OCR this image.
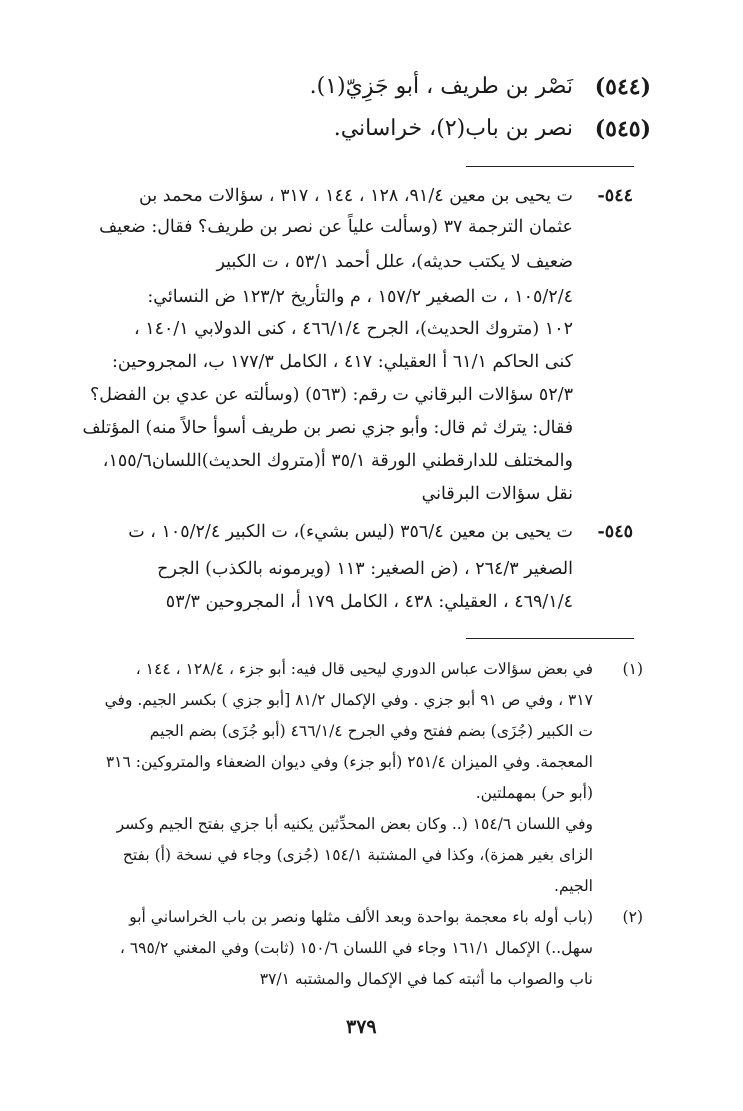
(٥٤٤)
نَصْر بن طريف ، أبو جَزِيّ(١).
(٥٤٥)
نصر بن باب(٢)، خراساني.
٥٤٤-
ت يحيى بن معين ٩١/٤، ١٢٨ ، ١٤٤ ، ٣١٧ ، سؤالات محمد بن
عثمان الترجمة ٣٧ (وسألت علياً عن نصر بن طريف؟ فقال: ضعيف
ضعيف لا يكتب حديثه)، علل أحمد ٥٣/١ ، ت الكبير
١٠٥/٢/٤ ، ت الصغير ١٥٧/٢ ، م والتأريخ ١٢٣/٢ ض النسائي:
١٠٢ (متروك الحديث)، الجرح ٤٦٦/١/٤ ، كنى الدولابي ١٤٠/١ ،
كنى الحاكم ٦١/١ أ العقيلي: ٤١٧ ، الكامل ١٧٧/٣ ب، المجروحين:
٥٢/٣ سؤالات البرقاني ت رقم: (٥٦٣) (وسألته عن عدي بن الفضل؟
فقال: يترك ثم قال: وأبو جزي نصر بن طريف أسوأ حالاً منه) المؤتلف
والمختلف للدارقطني الورقة ٣٥/١ أ(متروك الحديث)اللسان١٥٥/٦،
نقل سؤالات البرقاني
٥٤٥-
ت يحيى بن معين ٣٥٦/٤ (ليس بشيء)، ت الكبير ١٠٥/٢/٤ ، ت
الصغير ٢٦٤/٣ ، (ض الصغير: ١١٣ (ويرمونه بالكذب) الجرح
٤٦٩/١/٤ ، العقيلي: ٤٣٨ ، الكامل ١٧٩ أ، المجروحين ٥٣/٣
(١)
في بعض سؤالات عباس الدوري ليحيى قال فيه: أبو جزء ، ١٢٨/٤ ، ١٤٤ ،
٣١٧ ، وفي ص ٩١ أبو جزي . وفي الإكمال ٨١/٢ [أبو جزي ) بكسر الجيم. وفي
ت الكبير (جُزَى) بضم ففتح وفي الجرح ٤٦٦/١/٤ (أبو جُزَى) بضم الجيم
المعجمة. وفي الميزان ٢٥١/٤ (أبو جزء) وفي ديوان الضعفاء والمتروكين: ٣١٦
(أبو حر) بمهملتين.
وفي اللسان ١٥٤/٦ (.. وكان بعض المحدِّثين يكنيه أبا جزي بفتح الجيم وكسر
الزاى بغير همزة)، وكذا في المشتبة ١٥٤/١ (جُزى) وجاء في نسخة (أ) بفتح
الجيم.
(٢)
(باب أوله باء معجمة بواحدة وبعد الألف مثلها ونصر بن باب الخراساني أبو
سهل..) الإكمال ١٦١/١ وجاء في اللسان ١٥٠/٦ (ثابت) وفي المغني ٦٩٥/٢ ،
ناب والصواب ما أثبته كما في الإكمال والمشتبه ٣٧/١
٣٧٩
